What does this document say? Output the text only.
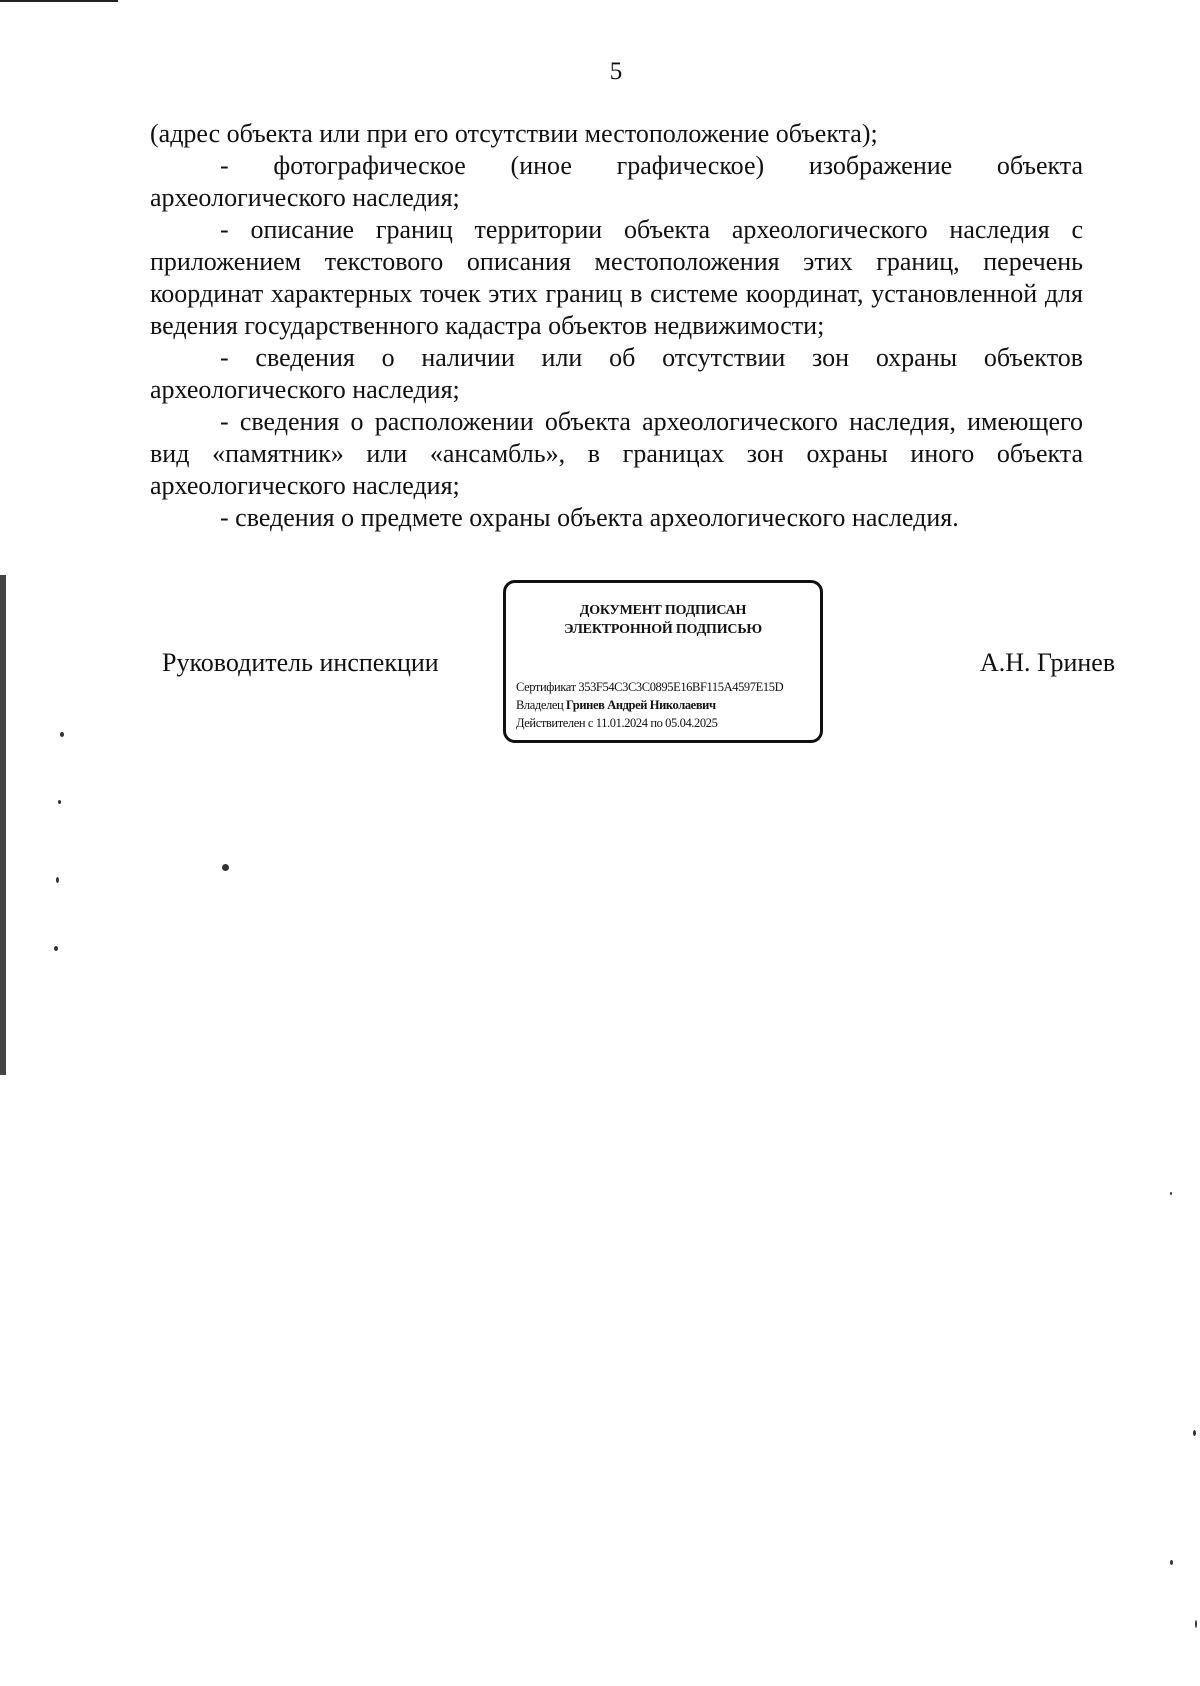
5

(адрес объекта или при его отсутствии местоположение объекта);

- фотографическое (иное графическое) изображение объекта археологического наследия;

- описание границ территории объекта археологического наследия с приложением текстового описания местоположения этих границ, перечень координат характерных точек этих границ в системе координат, установленной для ведения государственного кадастра объектов недвижимости;

- сведения о наличии или об отсутствии зон охраны объектов археологического наследия;

- сведения о расположении объекта археологического наследия, имеющего вид «памятник» или «ансамбль», в границах зон охраны иного объекта археологического наследия;

- сведения о предмете охраны объекта археологического наследия.

Руководитель инспекции
ДОКУМЕНТ ПОДПИСАН
ЭЛЕКТРОННОЙ ПОДПИСЬЮ
Сертификат 353F54C3C3C0895E16BF115A4597E15D
Владелец Гринев Андрей Николаевич
Действителен с 11.01.2024 по 05.04.2025
А.Н. Гринев
